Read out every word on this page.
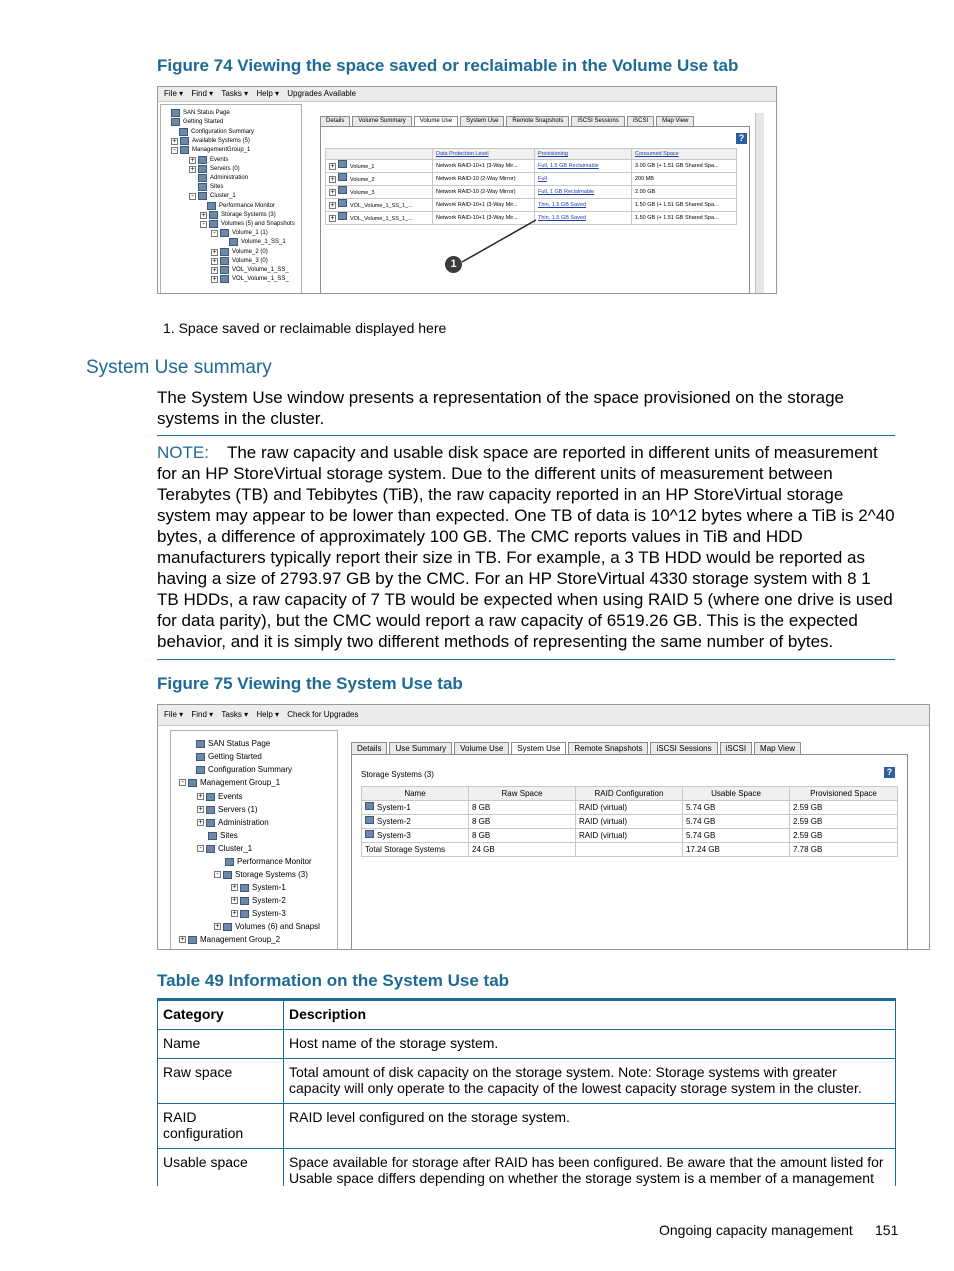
Figure 74 Viewing the space saved or reclaimable in the Volume Use tab
File ▾ Find ▾ Tasks ▾ Help ▾ Upgrades Available
SAN Status Page
Getting Started
Configuration Summary
+	Available Systems (5)
-	ManagementGroup_1
+	Events
+	Servers (0)
Administration
Sites
-	Cluster_1
Performance Monitor
+	Storage Systems (3)
-	Volumes (5) and Snapshots
-	Volume_1 (1)
Volume_1_SS_1
+	Volume_2 (0)
+	Volume_3 (0)
+	VOL_Volume_1_SS_
+	VOL_Volume_1_SS_
Details	Volume Summary	Volume Use	System Use	Remote Snapshots	iSCSI Sessions	iSCSI	Map View
?
	Data Protection Level	Provisioning	Consumed Space
+ Volume_1	Network RAID-10+1 (3-Way Mir...	Full, 1.5 GB Reclaimable	3.00 GB (+ 1.51 GB Shared Spa...
+ Volume_2	Network RAID-10 (2-Way Mirror)	Full	200 MB
+ Volume_3	Network RAID-10 (2-Way Mirror)	Full, 1 GB Reclaimable	2.00 GB
+ VOL_Volume_1_SS_1_...	Network RAID-10+1 (3-Way Mir...	Thin, 1.5 GB Saved	1.50 GB (+ 1.51 GB Shared Spa...
+ VOL_Volume_1_SS_1_...	Network RAID-10+1 (3-Way Mir...	Thin, 1.5 GB Saved	1.50 GB (+ 1.51 GB Shared Spa...
1
1. Space saved or reclaimable displayed here
System Use summary
The System Use window presents a representation of the space provisioned on the storage systems in the cluster.
NOTE: The raw capacity and usable disk space are reported in different units of measurement for an HP StoreVirtual storage system. Due to the different units of measurement between Terabytes (TB) and Tebibytes (TiB), the raw capacity reported in an HP StoreVirtual storage system may appear to be lower than expected. One TB of data is 10^12 bytes where a TiB is 2^40 bytes, a difference of approximately 100 GB. The CMC reports values in TiB and HDD manufacturers typically report their size in TB. For example, a 3 TB HDD would be reported as having a size of 2793.97 GB by the CMC. For an HP StoreVirtual 4330 storage system with 8 1 TB HDDs, a raw capacity of 7 TB would be expected when using RAID 5 (where one drive is used for data parity), but the CMC would report a raw capacity of 6519.26 GB. This is the expected behavior, and it is simply two different methods of representing the same number of bytes.
Figure 75 Viewing the System Use tab
File ▾ Find ▾ Tasks ▾ Help ▾ Check for Upgrades
SAN Status Page
Getting Started
Configuration Summary
- Management Group_1
+ Events
+ Servers (1)
+ Administration
Sites
- Cluster_1
Performance Monitor
- Storage Systems (3)
+ System-1
+ System-2
+ System-3
+ Volumes (6) and Snapsl
+ Management Group_2
Details	Use Summary	Volume Use	System Use	Remote Snapshots	iSCSI Sessions	iSCSI	Map View
Storage Systems (3)	?
Name	Raw Space	RAID Configuration	Usable Space	Provisioned Space
System-1	8 GB	RAID (virtual)	5.74 GB	2.59 GB
System-2	8 GB	RAID (virtual)	5.74 GB	2.59 GB
System-3	8 GB	RAID (virtual)	5.74 GB	2.59 GB
Total Storage Systems	24 GB		17.24 GB	7.78 GB
Table 49 Information on the System Use tab
Category	Description
Name	Host name of the storage system.
Raw space	Total amount of disk capacity on the storage system. Note: Storage systems with greater capacity will only operate to the capacity of the lowest capacity storage system in the cluster.
RAID configuration	RAID level configured on the storage system.
Usable space	Space available for storage after RAID has been configured. Be aware that the amount listed for Usable space differs depending on whether the storage system is a member of a management
Ongoing capacity management 151
